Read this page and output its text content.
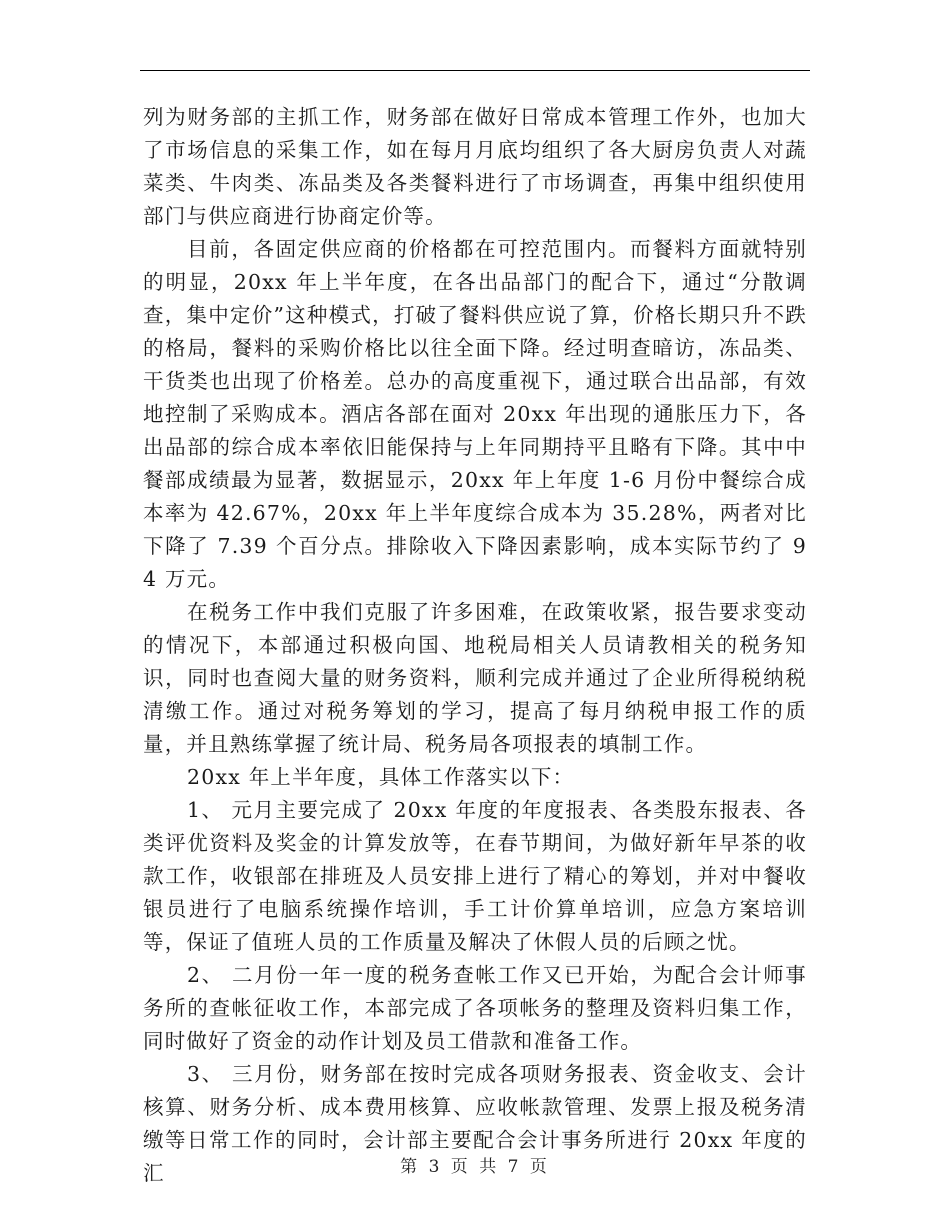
列为财务部的主抓工作，财务部在做好日常成本管理工作外，也加大了市场信息的采集工作，如在每月月底均组织了各大厨房负责人对蔬菜类、牛肉类、冻品类及各类餐料进行了市场调查，再集中组织使用部门与供应商进行协商定价等。

目前，各固定供应商的价格都在可控范围内。而餐料方面就特别的明显，20xx 年上半年度，在各出品部门的配合下，通过“分散调查，集中定价”这种模式，打破了餐料供应说了算，价格长期只升不跌的格局，餐料的采购价格比以往全面下降。经过明查暗访，冻品类、干货类也出现了价格差。总办的高度重视下，通过联合出品部，有效地控制了采购成本。酒店各部在面对 20xx 年出现的通胀压力下，各出品部的综合成本率依旧能保持与上年同期持平且略有下降。其中中餐部成绩最为显著，数据显示，20xx 年上年度 1-6 月份中餐综合成本率为 42.67%，20xx 年上半年度综合成本为 35.28%，两者对比下降了 7.39 个百分点。排除收入下降因素影响，成本实际节约了 94 万元。

在税务工作中我们克服了许多困难，在政策收紧，报告要求变动的情况下，本部通过积极向国、地税局相关人员请教相关的税务知识，同时也查阅大量的财务资料，顺利完成并通过了企业所得税纳税清缴工作。通过对税务筹划的学习，提高了每月纳税申报工作的质量，并且熟练掌握了统计局、税务局各项报表的填制工作。

20xx 年上半年度，具体工作落实以下：

1、 元月主要完成了 20xx 年度的年度报表、各类股东报表、各类评优资料及奖金的计算发放等，在春节期间，为做好新年早茶的收款工作，收银部在排班及人员安排上进行了精心的筹划，并对中餐收银员进行了电脑系统操作培训，手工计价算单培训，应急方案培训等，保证了值班人员的工作质量及解决了休假人员的后顾之忧。

2、 二月份一年一度的税务查帐工作又已开始，为配合会计师事务所的查帐征收工作，本部完成了各项帐务的整理及资料归集工作，同时做好了资金的动作计划及员工借款和准备工作。

3、 三月份，财务部在按时完成各项财务报表、资金收支、会计核算、财务分析、成本费用核算、应收帐款管理、发票上报及税务清缴等日常工作的同时，会计部主要配合会计事务所进行 20xx 年度的汇	第 3 页 共 7 页
